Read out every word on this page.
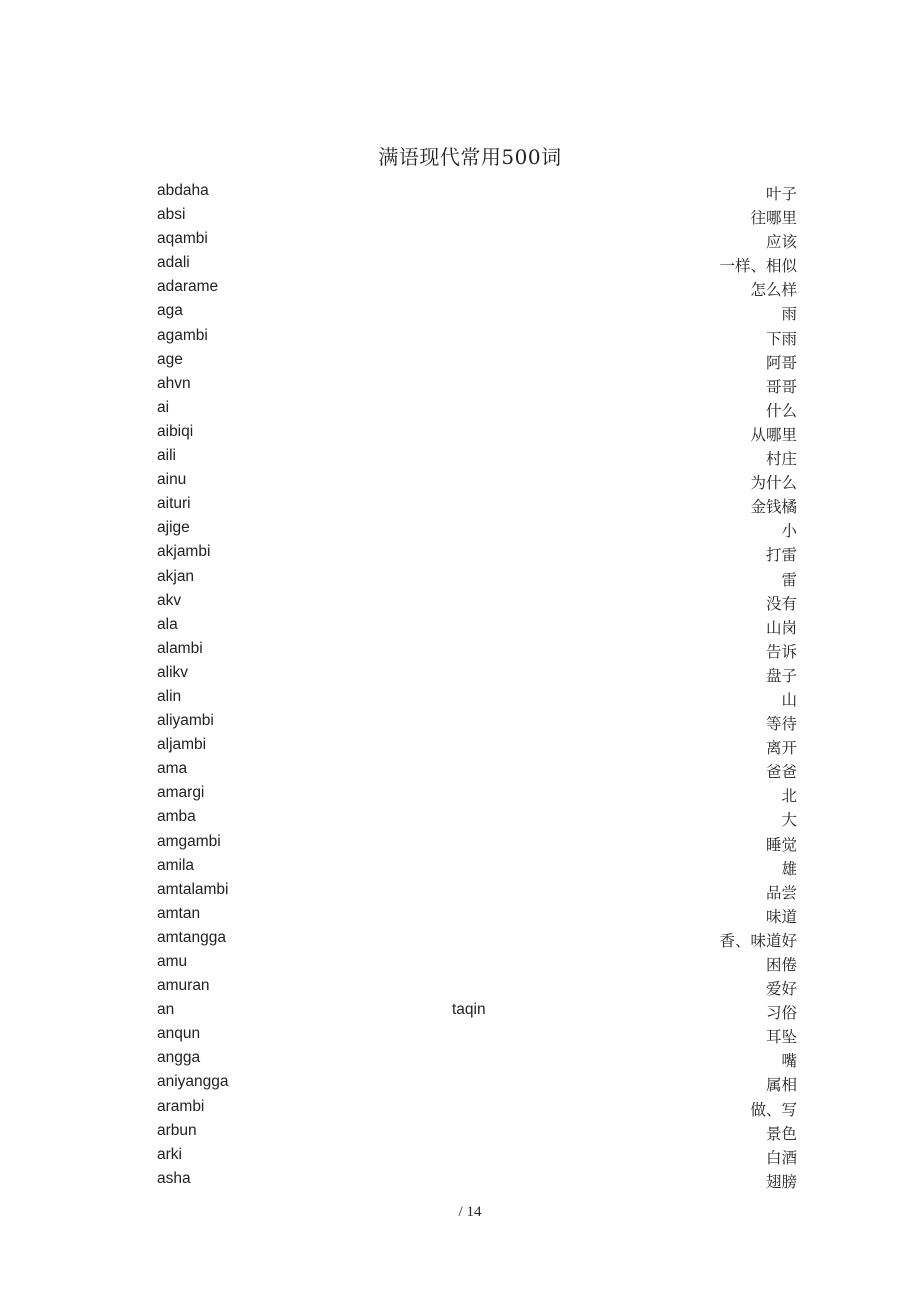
满语现代常用500词
abdaha	叶子
absi	往哪里
aqambi	应该
adali	一样、相似
adarame	怎么样
aga	雨
agambi	下雨
age	阿哥
ahvn	哥哥
ai	什么
aibiqi	从哪里
aili	村庄
ainu	为什么
aituri	金钱橘
ajige	小
akjambi	打雷
akjan	雷
akv	没有
ala	山岗
alambi	告诉
alikv	盘子
alin	山
aliyambi	等待
aljambi	离开
ama	爸爸
amargi	北
amba	大
amgambi	睡觉
amila	雄
amtalambi	品尝
amtan	味道
amtangga	香、味道好
amu	困倦
amuran	爱好
an	taqin	习俗
anqun	耳坠
angga	嘴
aniyangga	属相
arambi	做、写
arbun	景色
arki	白酒
asha	翅膀
/ 14
